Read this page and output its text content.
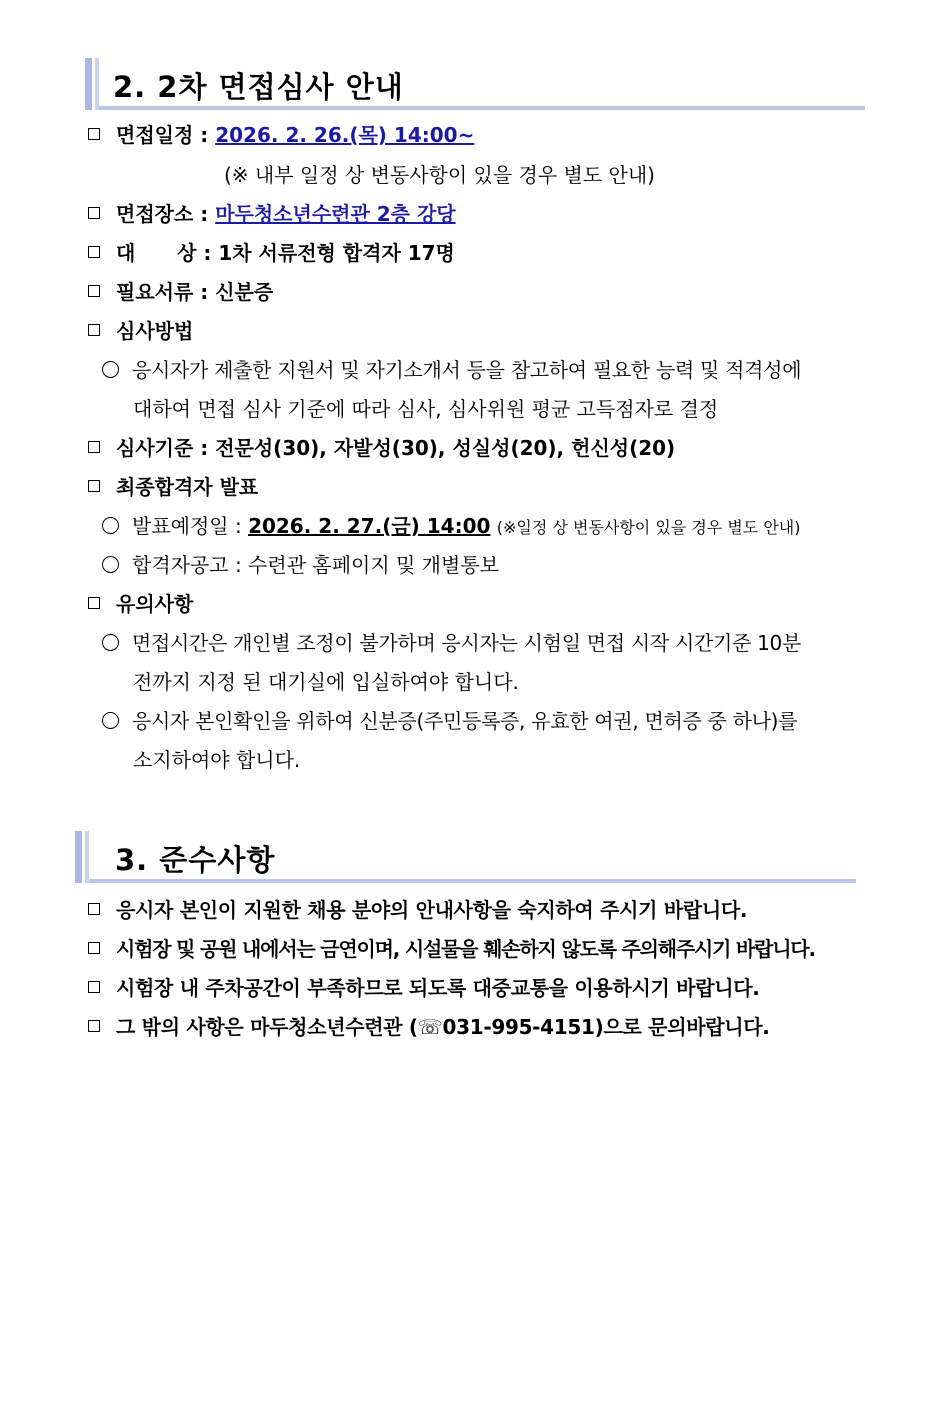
2. 2차 면접심사 안내
면접일정 : 2026. 2. 26.(목) 14:00~
(※ 내부 일정 상 변동사항이 있을 경우 별도 안내)
면접장소 : 마두청소년수련관 2층 강당
대      상 : 1차 서류전형 합격자 17명
필요서류 : 신분증
심사방법
응시자가 제출한 지원서 및 자기소개서 등을 참고하여 필요한 능력 및 적격성에
대하여 면접 심사 기준에 따라 심사, 심사위원 평균 고득점자로 결정
심사기준 : 전문성(30), 자발성(30), 성실성(20), 헌신성(20)
최종합격자 발표
발표예정일 : 2026. 2. 27.(금) 14:00 (※일정 상 변동사항이 있을 경우 별도 안내)
합격자공고 : 수련관 홈페이지 및 개별통보
유의사항
면접시간은 개인별 조정이 불가하며 응시자는 시험일 면접 시작 시간기준 10분
전까지 지정 된 대기실에 입실하여야 합니다.
응시자 본인확인을 위하여 신분증(주민등록증, 유효한 여권, 면허증 중 하나)를
소지하여야 합니다.
3. 준수사항
응시자 본인이 지원한 채용 분야의 안내사항을 숙지하여 주시기 바랍니다.
시험장 및 공원 내에서는 금연이며, 시설물을 훼손하지 않도록 주의해주시기 바랍니다.
시험장 내 주차공간이 부족하므로 되도록 대중교통을 이용하시기 바랍니다.
그 밖의 사항은 마두청소년수련관 (☏031-995-4151)으로 문의바랍니다.
